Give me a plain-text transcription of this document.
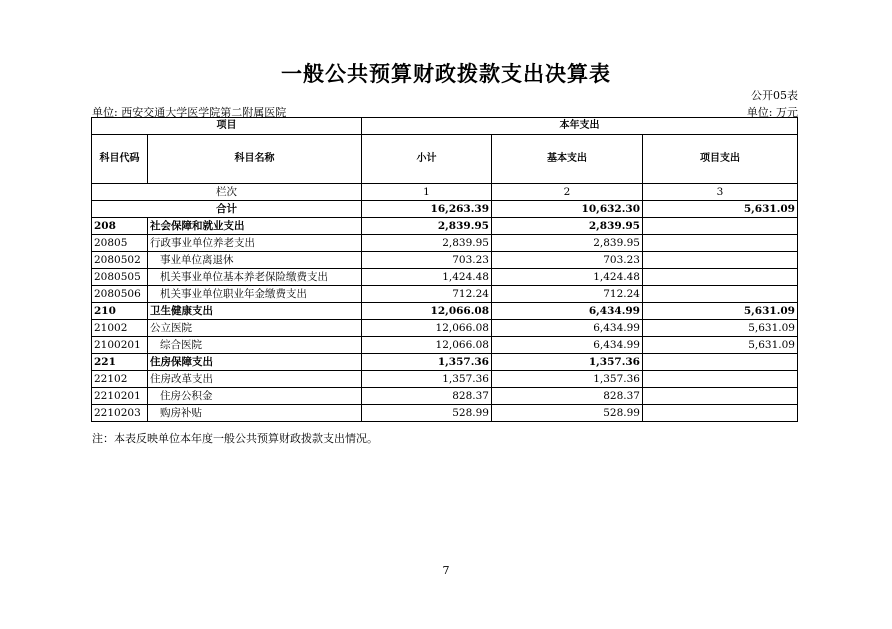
一般公共预算财政拨款支出决算表
公开05表
单位: 西安交通大学医学院第二附属医院	单位: 万元
项目		本年支出		
科目代码	科目名称	小计	基本支出	项目支出
栏次		1	2	3
合计		16,263.39	10,632.30	5,631.09
208	社会保障和就业支出	2,839.95	2,839.95	
20805	行政事业单位养老支出	2,839.95	2,839.95	
2080502	事业单位离退休	703.23	703.23	
2080505	机关事业单位基本养老保险缴费支出	1,424.48	1,424.48	
2080506	机关事业单位职业年金缴费支出	712.24	712.24	
210	卫生健康支出	12,066.08	6,434.99	5,631.09
21002	公立医院	12,066.08	6,434.99	5,631.09
2100201	综合医院	12,066.08	6,434.99	5,631.09
221	住房保障支出	1,357.36	1,357.36	
22102	住房改革支出	1,357.36	1,357.36	
2210201	住房公积金	828.37	828.37	
2210203	购房补贴	528.99	528.99	
注：本表反映单位本年度一般公共预算财政拨款支出情况。
7
